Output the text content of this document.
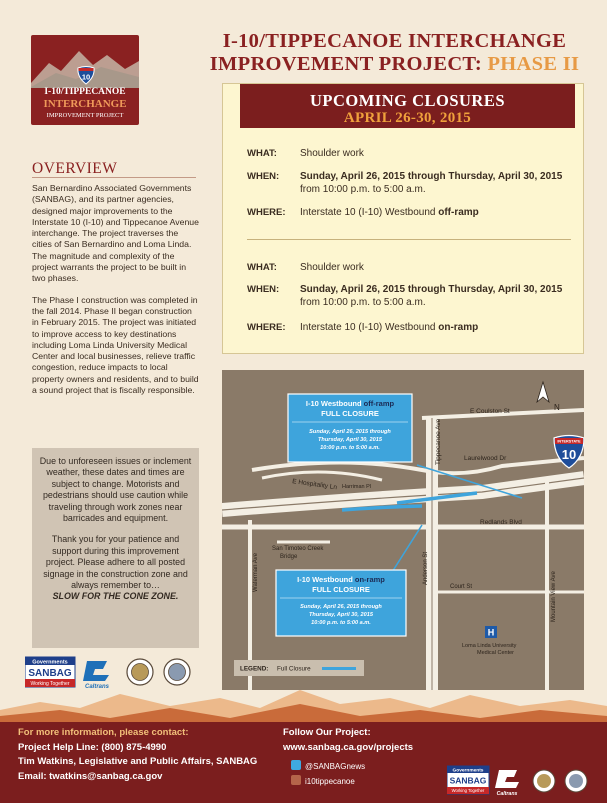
10
I-10/TIPPECANOE
INTERCHANGE
IMPROVEMENT PROJECT
I-10/TIPPECANOE INTERCHANGE
IMPROVEMENT PROJECT: PHASE II
UPCOMING CLOSURES
APRIL 26-30, 2015
WHAT:	Shoulder work
WHEN:	Sunday, April 26, 2015 through Thursday, April 30, 2015
from 10:00 p.m. to 5:00 a.m.
WHERE:	Interstate 10 (I-10) Westbound off-ramp
WHAT:	Shoulder work
WHEN:	Sunday, April 26, 2015 through Thursday, April 30, 2015
from 10:00 p.m. to 5:00 a.m.
WHERE:	Interstate 10 (I-10) Westbound on-ramp
OVERVIEW

San Bernardino Associated Governments (SANBAG), and its partner agencies, designed major improvements to the Interstate 10 (I-10) and Tippecanoe Avenue interchange. The project traverses the cities of San Bernardino and Loma Linda. The magnitude and complexity of the project warrants the project to be built in two phases.

The Phase I construction was completed in the fall 2014. Phase II began construction in February 2015. The project was initiated to improve access to key destinations including Loma Linda University Medical Center and local businesses, relieve traffic congestion, reduce impacts to local property owners and residents, and to build a sound project that is fiscally responsible.

Due to unforeseen issues or inclement weather, these dates and times are subject to change. Motorists and pedestrians should use caution while traveling through work zones near barricades and equipment.

Thank you for your patience and support during this improvement project. Please adhere to all posted signage in the construction zone and always remember to…
SLOW FOR THE CONE ZONE.

Governments
SANBAG
Working Together	Caltrans
E Coulston St
Tippecanoe Ave	Laurelwood Dr
E Hospitality Ln Harriman Pl
Redlands Blvd
San Timoteo Creek
Bridge
Waterman Ave	Anderson St
Court St	Mountain View Ave
Loma Linda University
Medical Center
H
N
INTERSTATE
10
I-10 Westbound off-ramp
FULL CLOSURE
Sunday, April 26, 2015 through
Thursday, April 30, 2015
10:00 p.m. to 5:00 a.m.
I-10 Westbound on-ramp
FULL CLOSURE
Sunday, April 26, 2015 through
Thursday, April 30, 2015
10:00 p.m. to 5:00 a.m.
LEGEND: Full Closure
For more information, please contact:
Project Help Line: (800) 875-4990
Tim Watkins, Legislative and Public Affairs, SANBAG
Email: twatkins@sanbag.ca.gov
Follow Our Project:
www.sanbag.ca.gov/projects
@SANBAGnews
i10tippecanoe
Governments
SANBAG
Working Together
Caltrans
